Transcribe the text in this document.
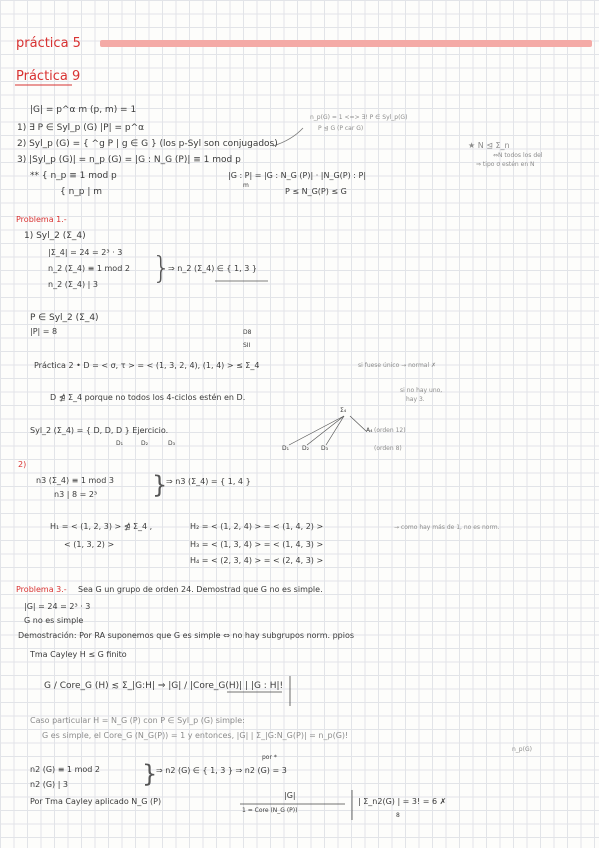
práctica 5
Práctica 9
|G| = p^α m (p, m) = 1
1) ∃ P ∈ Syl_p (G) |P| = p^α
2) Syl_p (G) = { ^g P | g ∈ G } (los p-Syl son conjugados)
3) |Syl_p (G)| = n_p (G) = |G : N_G (P)| ≡ 1 mod p
** { n_p ≡ 1 mod p
{ n_p | m
n_p(G) = 1 <=> ∃! P ∈ Syl_p(G)
P ⊴ G (P car G)
|G : P| = |G : N_G (P)| · |N_G(P) : P|
m
P ≤ N_G(P) ≤ G
★ N ⊴ Σ_n
⇔N todos los del
⇒ tipo σ estén en N
Problema 1.-
1) Syl_2 (Σ_4)
|Σ_4| = 24 = 2³ · 3
n_2 (Σ_4) ≡ 1 mod 2
n_2 (Σ_4) | 3 }
⇒ n_2 (Σ_4) ∈ { 1, 3 }
P ∈ Syl_2 (Σ_4)
|P| = 8	D8
SII
Práctica 2 • D = < σ, τ > = < (1, 3, 2, 4), (1, 4) > ≤ Σ_4	si fuese único → normal ✗
D ⋬ Σ_4 porque no todos los 4-ciclos estén en D.
si no hay uno,
hay 3.
Syl_2 (Σ_4) = { D, D, D } Ejercicio.
D₁	D₂	D₃
Σ₄
A₄
D₁ D₂ D₃
(orden 12)
(orden 8)
2)
n3 (Σ_4) ≡ 1 mod 3
n3 | 8 = 2³ }
⇒ n3 (Σ_4) = { 1, 4 }
H₁ = < (1, 2, 3) > ⋬ Σ_4 ,
< (1, 3, 2) >
H₂ = < (1, 2, 4) > = < (1, 4, 2) >
H₃ = < (1, 3, 4) > = < (1, 4, 3) >
H₄ = < (2, 3, 4) > = < (2, 4, 3) >
→ como hay más de 1, no es norm.
Problema 3.- Sea G un grupo de orden 24. Demostrad que G no es simple.
|G| = 24 = 2³ · 3
G no es simple
Demostración: Por RA suponemos que G es simple ⇔ no hay subgrupos norm. ppios
Tma Cayley H ≤ G finito
G / Core_G (H) ≲ Σ_|G:H| ⇒ |G| / |Core_G(H)| | |G : H|!
Caso particular H = N_G (P) con P ∈ Syl_p (G) simple:
G es simple, el Core_G (N_G(P)) = 1 y entonces, |G| | Σ_|G:N_G(P)| = n_p(G)!
n_p(G)
n2 (G) ≡ 1 mod 2
n2 (G) | 3	}
⇒ n2 (G) ∈ { 1, 3 } ⇒ n2 (G) = 3
por *
Por Tma Cayley aplicado N_G (P)
|G|
1 = Core (N_G (P))
| Σ_n2(G) | = 3! = 6 ✗
8
